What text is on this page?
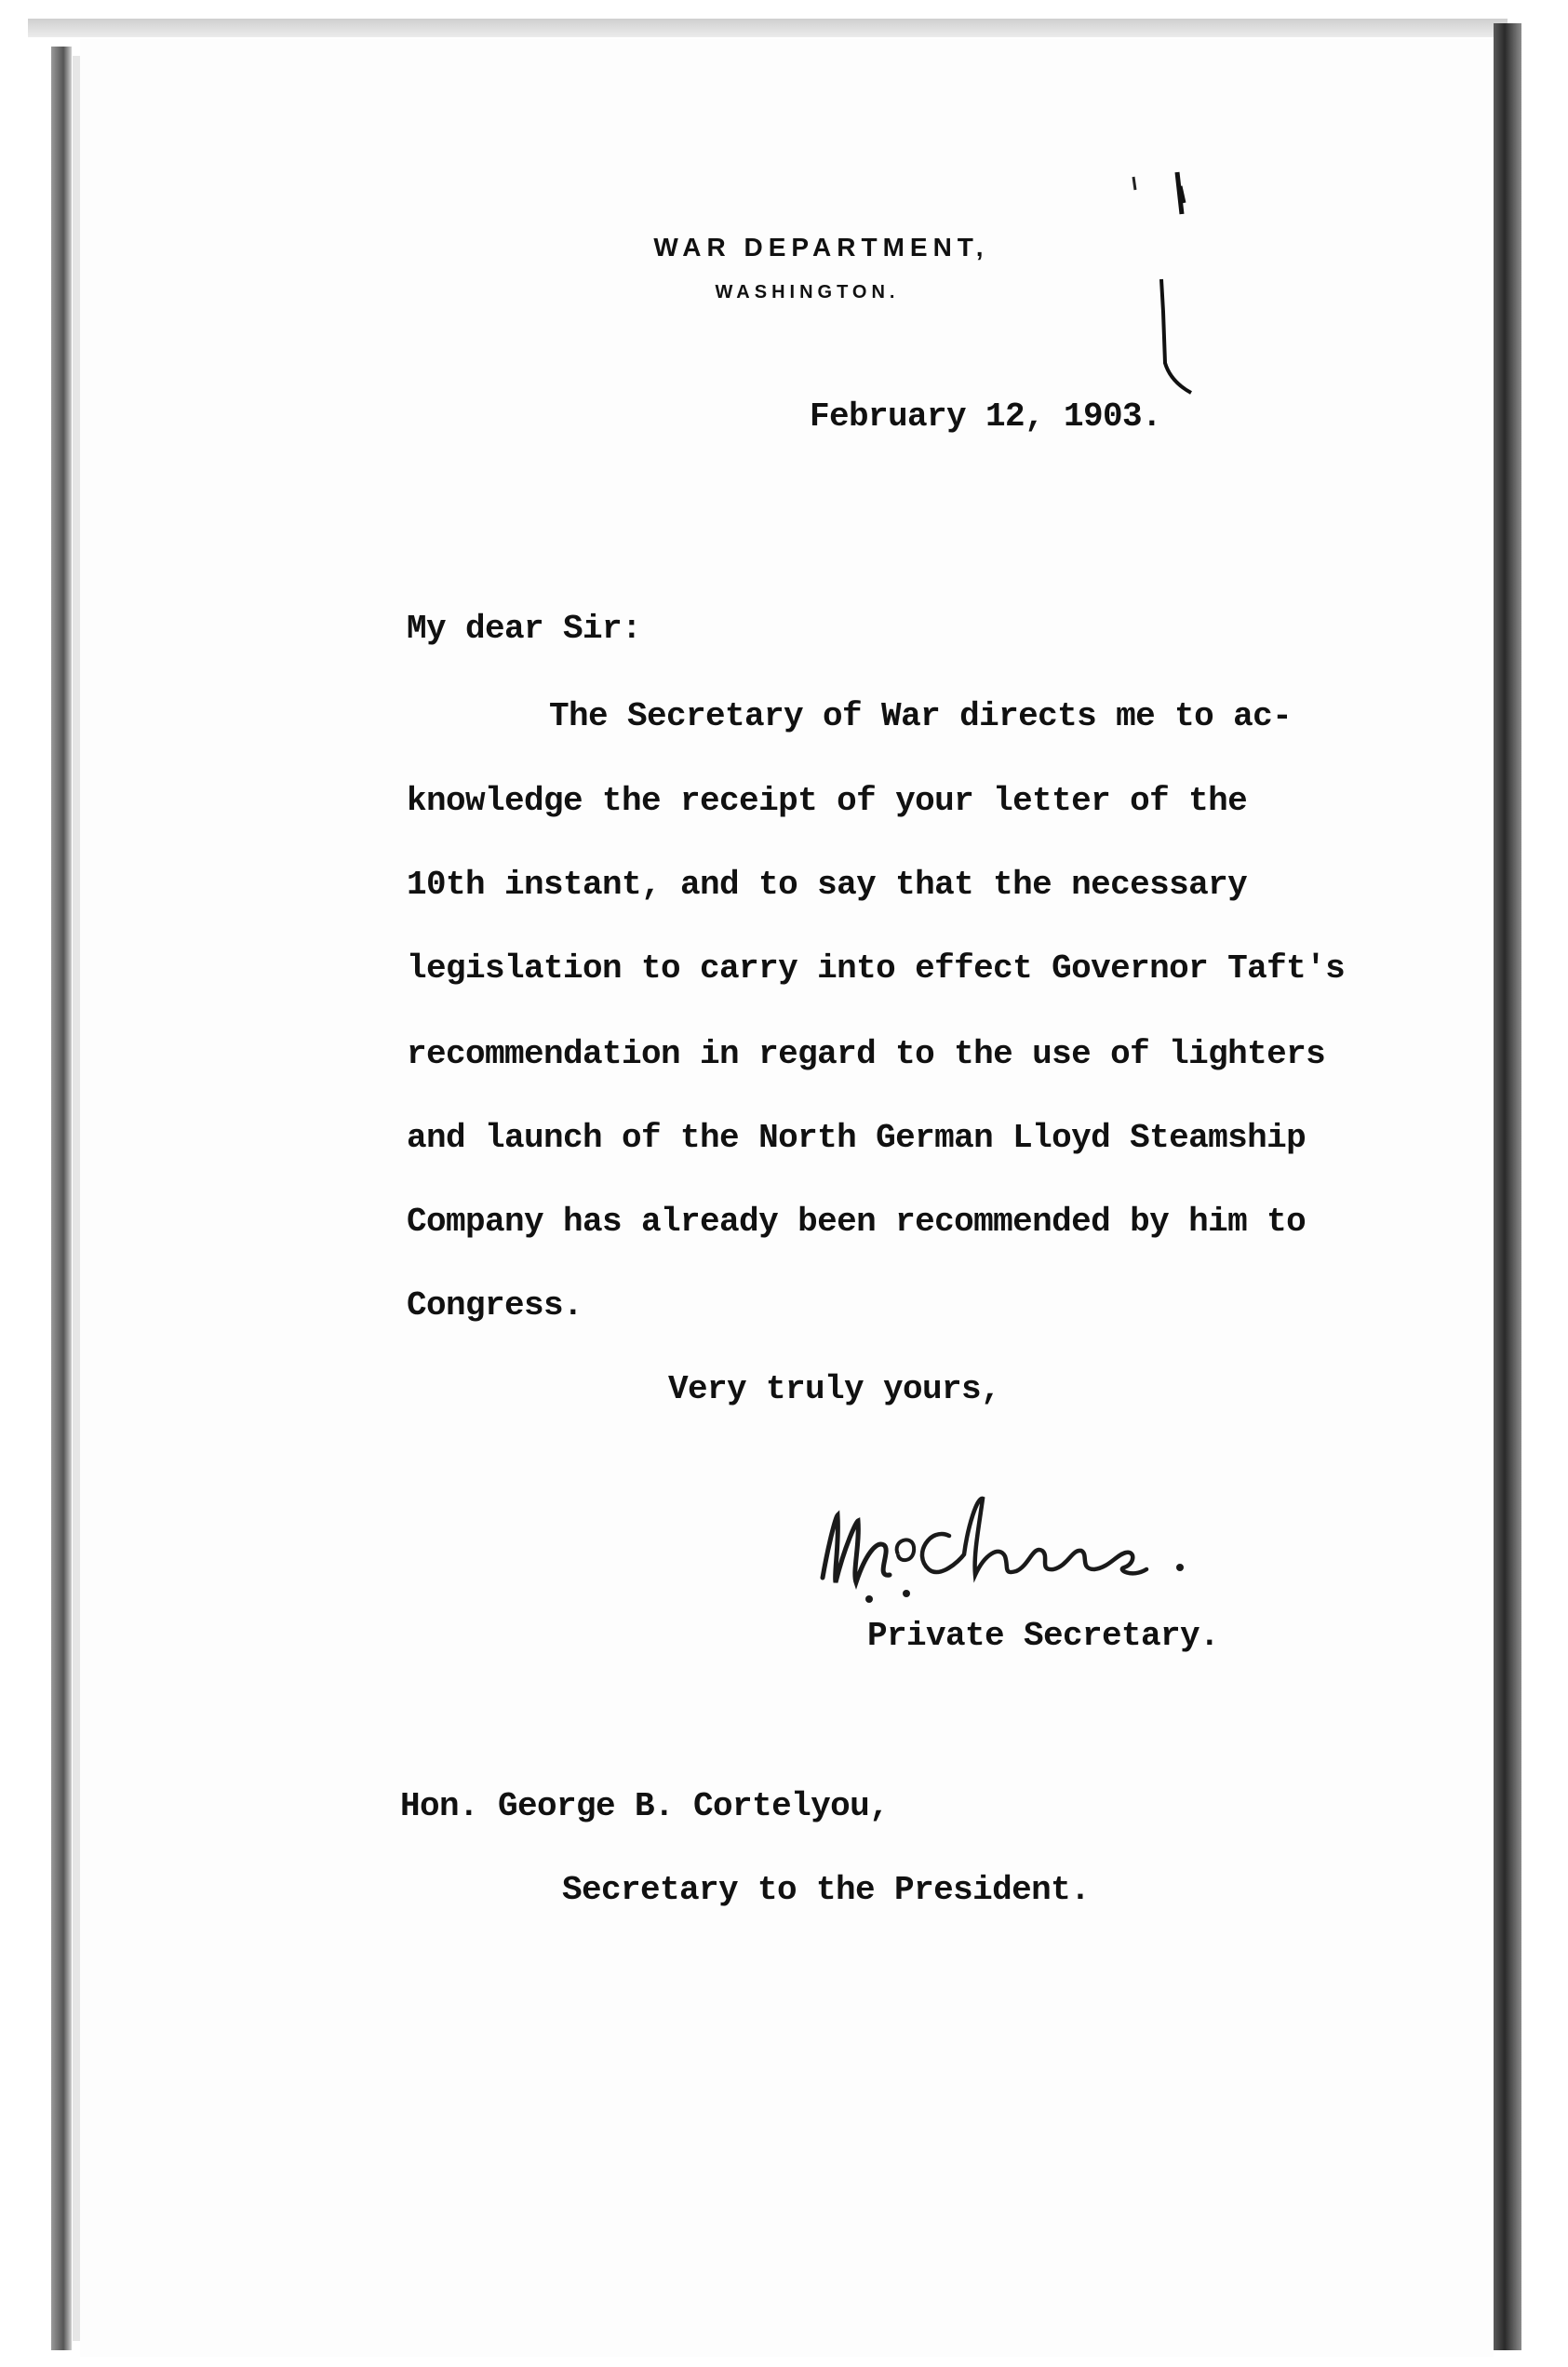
WAR DEPARTMENT,
WASHINGTON.
February 12, 1903.
My dear Sir:
The Secretary of War directs me to ac-
knowledge the receipt of your letter of the
10th instant, and to say that the necessary
legislation to carry into effect Governor Taft's
recommendation in regard to the use of lighters
and launch of the North German Lloyd Steamship
Company has already been recommended by him to
Congress.
Very truly yours,
Private Secretary.
Hon. George B. Cortelyou,
Secretary to the President.
